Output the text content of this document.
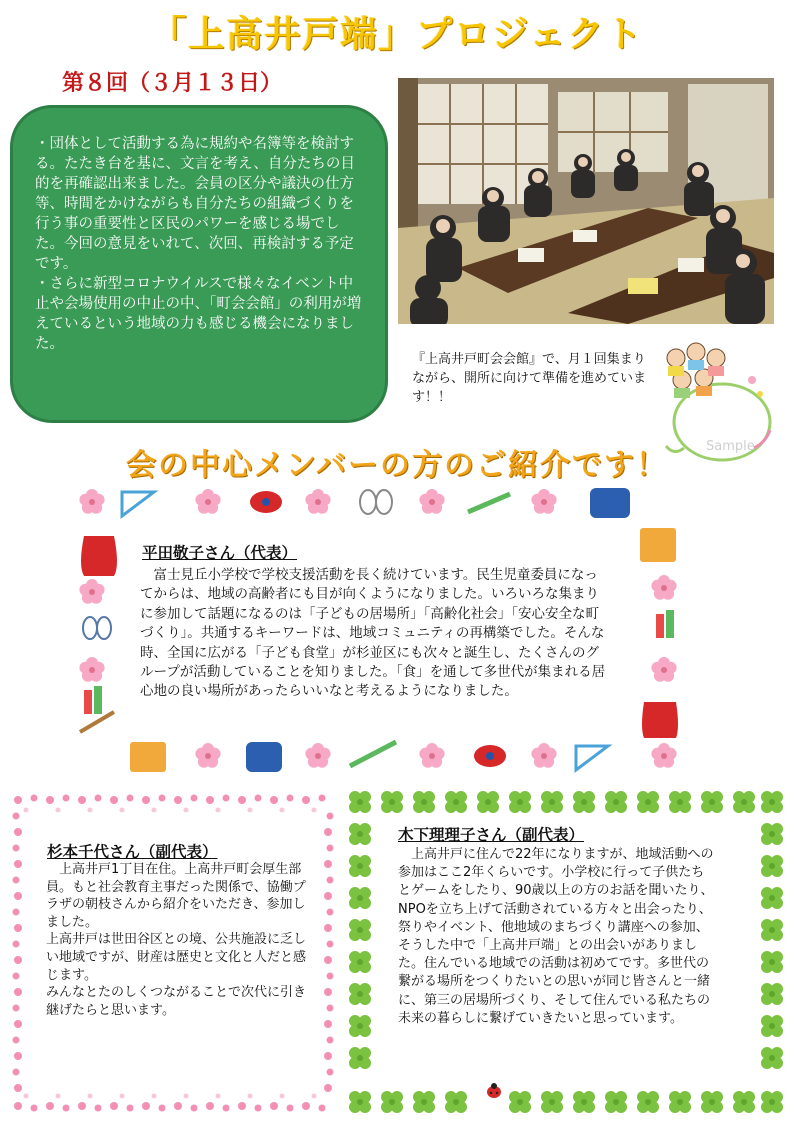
「上高井戸端」プロジェクト
第８回（３月１３日）

・団体として活動する為に規約や名簿等を検討する。たたき台を基に、文言を考え、自分たちの目的を再確認出来ました。会員の区分や議決の仕方等、時間をかけながらも自分たちの組織づくりを行う事の重要性と区民のパワーを感じる場でした。今回の意見をいれて、次回、再検討する予定です。

・さらに新型コロナウイルスで様々なイベント中止や会場使用の中止の中、「町会会館」の利用が増えているという地域の力も感じる機会になりました。

『上高井戸町会会館』で、月１回集まりながら、開所に向けて準備を進めています！！
Sample
会の中心メンバーの方のご紹介です！
平田敬子さん（代表）

富士見丘小学校で学校支援活動を長く続けています。民生児童委員になってからは、地域の高齢者にも目が向くようになりました。いろいろな集まりに参加して話題になるのは「子どもの居場所」「高齢化社会」「安心安全な町づくり」。共通するキーワードは、地域コミュニティの再構築でした。そんな時、全国に広がる「子ども食堂」が杉並区にも次々と誕生し、たくさんのグループが活動していることを知りました。「食」を通して多世代が集まれる居心地の良い場所があったらいいなと考えるようになりました。

杉本千代さん（副代表）

上高井戸1丁目在住。上高井戸町会厚生部員。もと社会教育主事だった関係で、協働プラザの朝枝さんから紹介をいただき、参加しました。

上高井戸は世田谷区との境、公共施設に乏しい地域ですが、財産は歴史と文化と人だと感じます。

みんなとたのしくつながることで次代に引き継げたらと思います。

木下理理子さん（副代表）

上高井戸に住んで22年になりますが、地域活動への参加はここ2年くらいです。小学校に行って子供たちとゲームをしたり、90歳以上の方のお話を聞いたり、NPOを立ち上げて活動されている方々と出会ったり、祭りやイベント、他地域のまちづくり講座への参加、そうした中で「上高井戸端」との出会いがありました。住んでいる地域での活動は初めてです。多世代の繋がる場所をつくりたいとの思いが同じ皆さんと一緒に、第三の居場所づくり、そして住んでいる私たちの未来の暮らしに繋げていきたいと思っています。
